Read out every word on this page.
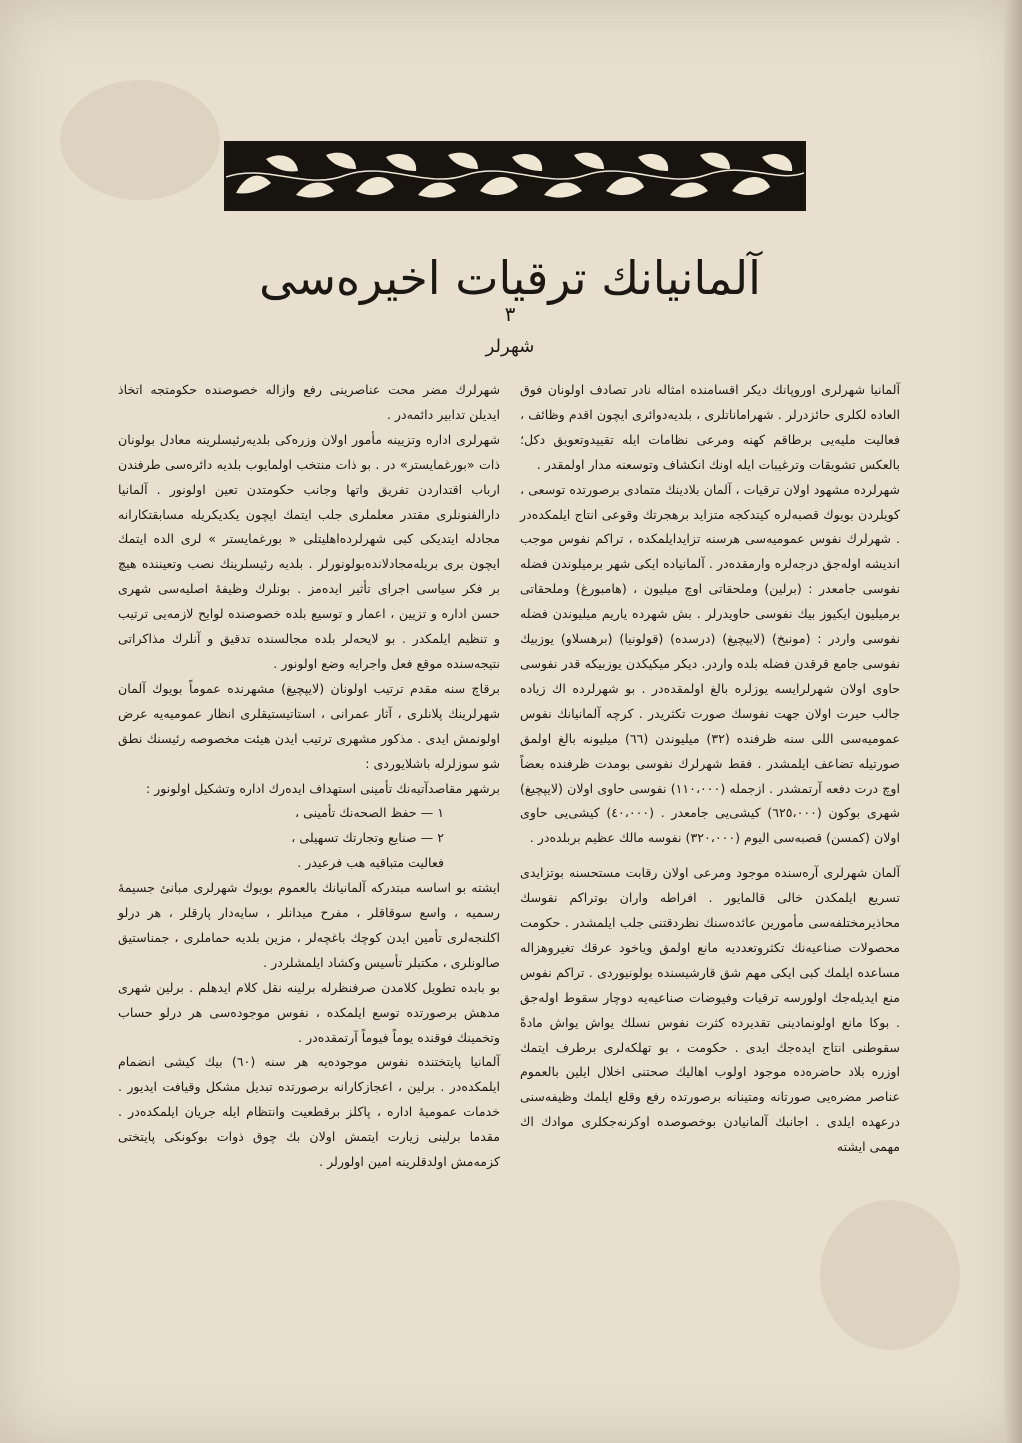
آلمانيانك ترقيات اخيره‌سى
٣
شهرلر

آلمانيا شهرلرى اوروپانك ديكر اقسامنده امثاله نادر تصادف اولونان فوق العاده لكلرى حائزدرلر . شهراماناتلرى ، بلديه‌دوائرى ايچون اقدم وظائف ، فعاليت مليه‌يى برطاقم كهنه ومرعى نظامات ايله تقييدوتعويق دكل؛ بالعكس تشويقات وترغيبات ايله اونك انكشاف وتوسعنه مدار اولمقدر .

شهرلرده مشهود اولان ترقيات ، آلمان بلادينك متمادى برصورتده توسعى ، كويلردن بويوك قصبه‌لره كيتدكجه متزايد برهجرتك وقوعى انتاج ايلمكده‌در . شهرلرك نفوس عموميه‌سى هرسنه تزايدايلمكده ، تراكم نفوس موجب انديشه اوله‌جق درجه‌لره وارمقده‌در . آلمانياده ايكى شهر برميلوندن فضله نفوسى جامعدر : (برلين) وملحقاتى اوچ ميليون ، (هامبورغ) وملحقاتى برميليون ايكيوز بيك نفوسى حاويدرلر . بش شهرده ياريم ميليوندن فضله نفوسى واردر : (مونيخ) (لايپچيغ) (درسده) (قولونيا) (برهسلاو) يوزبيك نفوسى جامع قرقدن فضله بلده واردر. ديكر ميكيكدن يوزبيكه قدر نفوسى حاوى اولان شهرلرايسه يوزلره بالغ اولمقده‌در . بو شهرلرده اك زياده جالب حيرت اولان جهت نفوسك صورت تكثريدر . كرچه آلمانيانك نفوس عموميه‌سى اللى سنه ظرفنده (٣٢) ميليوندن (٦٦) ميليونه بالغ اولمق صورتيله تضاعف ايلمشدر . فقط شهرلرك نفوسى بومدت ظرفنده بعضاً اوچ درت دفعه آرتمشدر . ازجمله (١١٠،٠٠٠) نفوسى حاوى اولان (لايپچيغ) شهرى بوكون (٦٢٥،٠٠٠) كيشى‌يى جامعدر . (٤٠،٠٠٠) كيشى‌يى حاوى اولان (كمسن) قصبه‌سى اليوم (٣٢٠،٠٠٠) نفوسه مالك عظيم بربلده‌در .

آلمان شهرلرى آره‌سنده موجود ومرعى اولان رقابت مستحسنه بوتزايدى تسريع ايلمكدن خالى قالمايور . افراطه واران بوتراكم نفوسك محاذيرمختلفه‌سى مأمورين عائده‌سنك نظردقتنى جلب ايلمشدر . حكومت محصولات صناعيه‌نك تكثروتعدديه مانع اولمق وياخود عرقك تغيروهزاله مساعده ايلمك كبى ايكى مهم شق قارشيسنده بولونيوردى . تراكم نفوس منع ايديله‌جك اولورسه ترقيات وفيوضات صناعيه‌يه دوچار سقوط اوله‌جق . بوكا مانع اولونمادينى تقديرده كثرت نفوس نسلك يواش يواش مادةً سقوطنى انتاج ايده‌جك ايدى . حكومت ، بو تهلكه‌لرى برطرف ايتمك اوزره بلاد حاضره‌ده موجود اولوب اهاليك صحتنى اخلال ايلين بالعموم عناصر مضره‌يى صورتانه ومتينانه برصورتده رفع وقلع ايلمك وظيفه‌سنى درعهده ايلدى . اجانبك آلمانيادن بوخصوصده اوكرنه‌جكلرى موادك اك مهمى ايشته

شهرلرك مضر محت عناصرينى رفع وازاله خصوصنده حكومتجه اتخاذ ايديلن تدابير دائمه‌در .

شهرلرى اداره وتزيينه مأمور اولان وزره‌كى بلديه‌رئيسلرينه معادل بولونان ذات «بورغمايستر» در . بو ذات منتخب اولمايوب بلديه دائره‌سى طرفندن ارباب اقتداردن تفريق واتها وجانب حكومتدن تعين اولونور . آلمانيا دارالفنونلرى مقتدر معلملرى جلب ايتمك ايچون يكديكريله مسابقتكارانه مجادله ايتديكى كبى شهرلرده‌اهليتلى « بورغمايستر » لرى الده ايتمك ايچون برى بريله‌مجادلانده‌بولونورلر . بلديه رئيسلرينك نصب وتعيننده هيچ بر فكر سياسى اجراى تأثير ايده‌مز . بونلرك وظيفهٔ اصليه‌سى شهرى حسن اداره و تزيين ، اعمار و توسيع بلده خصوصنده لوايح لازمه‌يى ترتيب و تنظيم ايلمكدر . بو لايحه‌لر بلده مجالسنده تدقيق و آنلرك مذاكراتى نتيجه‌سنده موقع فعل واجرايه وضع اولونور .

برقاچ سنه مقدم ترتيب اولونان (لايپچيغ) مشهرنده عموماً بويوك آلمان شهرلرينك پلانلرى ، آثار عمرانى ، استاتيستيقلرى انظار عموميه‌يه عرض اولونمش ايدى . مذكور مشهرى ترتيب ايدن هيئت مخصوصه رئيسنك نطق شو سوزلرله باشلايوردى :

برشهر مقاصدآتيه‌نك تأمينى استهداف ايده‌رك اداره وتشكيل اولونور :

١ — حفظ الصحه‌نك تأمينى ،

٢ — صنايع وتجارتك تسهيلى ،

فعاليت متباقيه هب فرعيدر .

ايشته بو اساسه مبتدركه آلمانيانك بالعموم بويوك شهرلرى مبانئ جسيمهٔ رسميه ، واسع سوقاقلر ، مفرح ميدانلر ، سايه‌دار پارقلر ، هر درلو اكلنجه‌لرى تأمين ايدن كوچك باغچه‌لر ، مزين بلديه حماملرى ، جمناستيق صالونلرى ، مكتبلر تأسيس وكشاد ايلمشلردر .

بو بابده تطويل كلامدن صرفنظرله برلينه نقل كلام ايدهلم . برلين شهرى مدهش برصورتده توسع ايلمكده ، نفوس موجوده‌سى هر درلو حساب وتخمينك فوقنده يوماً فيوماً آرتمقده‌در .

آلمانيا پايتختنده نفوس موجوده‌يه هر سنه (٦٠) بيك كيشى انضمام ايلمكده‌در . برلين ، اعجازكارانه برصورتده تبديل مشكل وقيافت ايديور . خدمات عموميهٔ اداره ، پاكلز برقطعيت وانتظام ايله جريان ايلمكده‌در . مقدما برلينى زيارت ايتمش اولان بك چوق ذوات بوكونكى پايتختى كزمه‌مش اولدقلرينه امين اولورلر .
